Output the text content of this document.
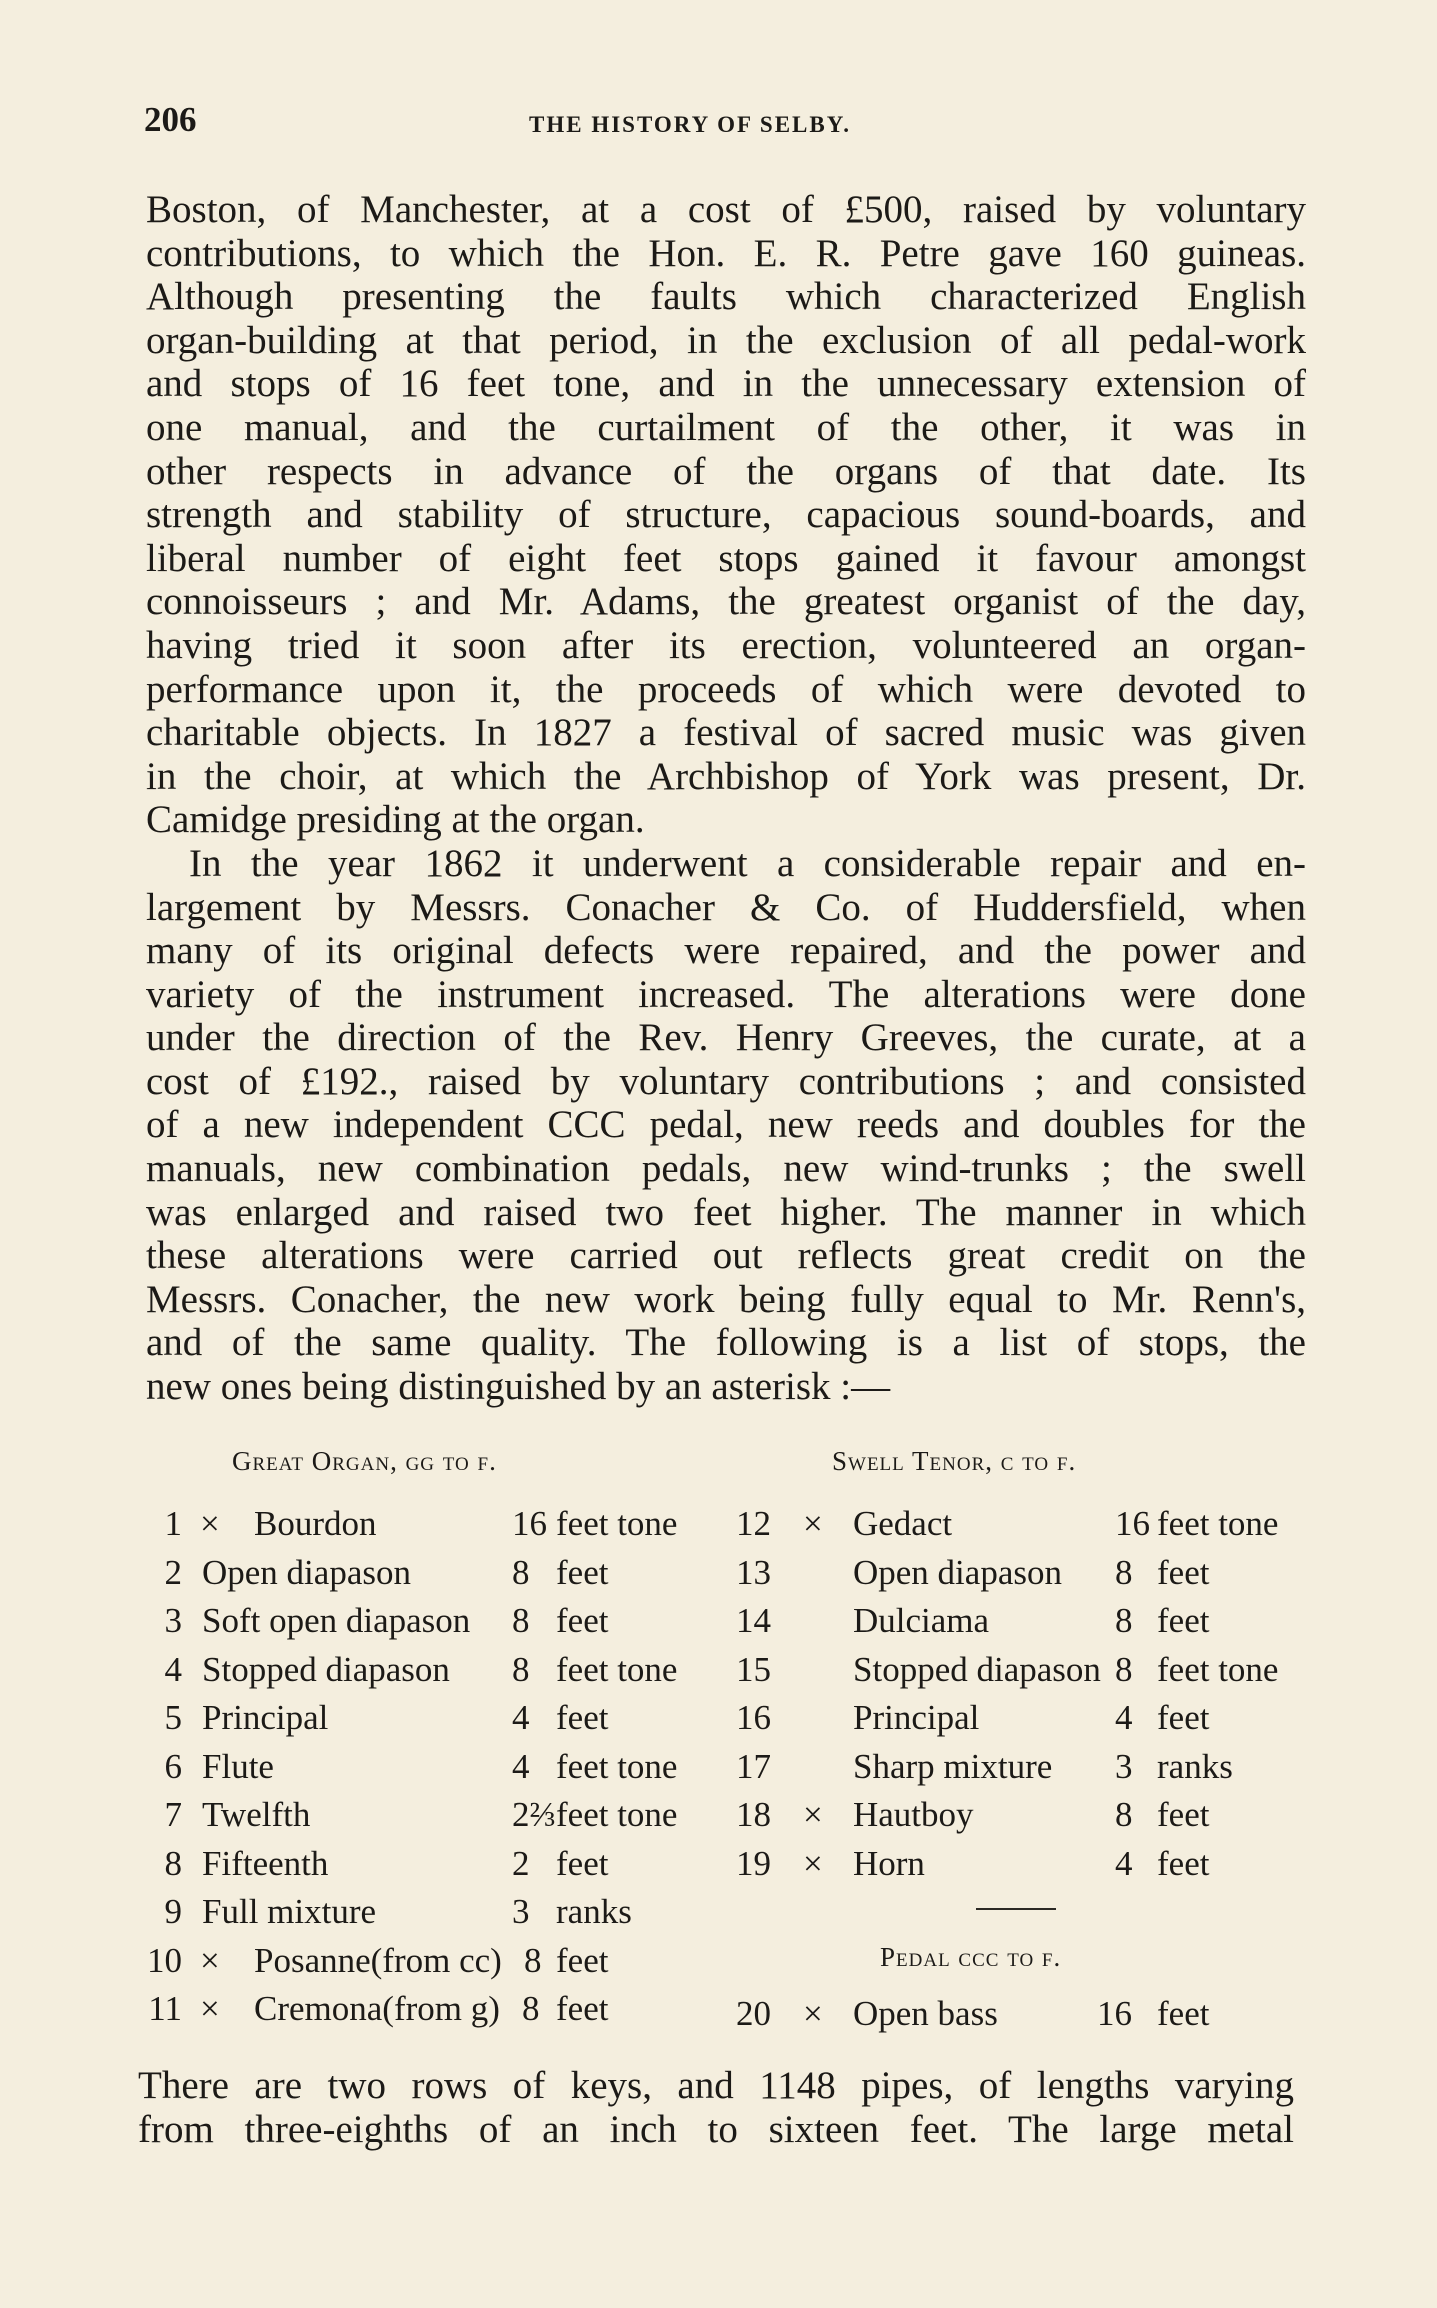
206	THE HISTORY OF SELBY.
Boston, of Manchester, at a cost of £500, raised by voluntary
contributions, to which the Hon. E. R. Petre gave 160 guineas.
Although presenting the faults which characterized English
organ-building at that period, in the exclusion of all pedal-work
and stops of 16 feet tone, and in the unnecessary extension of
one manual, and the curtailment of the other, it was in
other respects in advance of the organs of that date. Its
strength and stability of structure, capacious sound-boards, and
liberal number of eight feet stops gained it favour amongst
connoisseurs ; and Mr. Adams, the greatest organist of the day,
having tried it soon after its erection, volunteered an organ-
performance upon it, the proceeds of which were devoted to
charitable objects. In 1827 a festival of sacred music was given
in the choir, at which the Archbishop of York was present, Dr.
Camidge presiding at the organ.
In the year 1862 it underwent a considerable repair and en-
largement by Messrs. Conacher & Co. of Huddersfield, when
many of its original defects were repaired, and the power and
variety of the instrument increased. The alterations were done
under the direction of the Rev. Henry Greeves, the curate, at a
cost of £192., raised by voluntary contributions ; and consisted
of a new independent CCC pedal, new reeds and doubles for the
manuals, new combination pedals, new wind-trunks ; the swell
was enlarged and raised two feet higher. The manner in which
these alterations were carried out reflects great credit on the
Messrs. Conacher, the new work being fully equal to Mr. Renn's,
and of the same quality. The following is a list of stops, the
new ones being distinguished by an asterisk :—
Great Organ, gg to f.	Swell Tenor, c to f.
1 × Bourdon	16 feet tone
2 Open diapason	8 feet
3 Soft open diapason 8 feet
4 Stopped diapason 8 feet tone
5 Principal	4 feet
6 Flute	4 feet tone
7 Twelfth	2⅔ feet tone
8 Fifteenth	2 feet
9 Full mixture	3 ranks
10 × Posanne(from cc) 8 feet
11 × Cremona(from g) 8 feet
12 × Gedact	16 feet tone
13 Open diapason 8 feet
14 Dulciama	8 feet
15 Stopped diapason 8 feet tone
16 Principal	4 feet
17 Sharp mixture 3 ranks
18 × Hautboy	8 feet
19 × Horn	4 feet
Pedal ccc to f.
20 × Open bass	16 feet
There are two rows of keys, and 1148 pipes, of lengths varying
from three-eighths of an inch to sixteen feet. The large metal
